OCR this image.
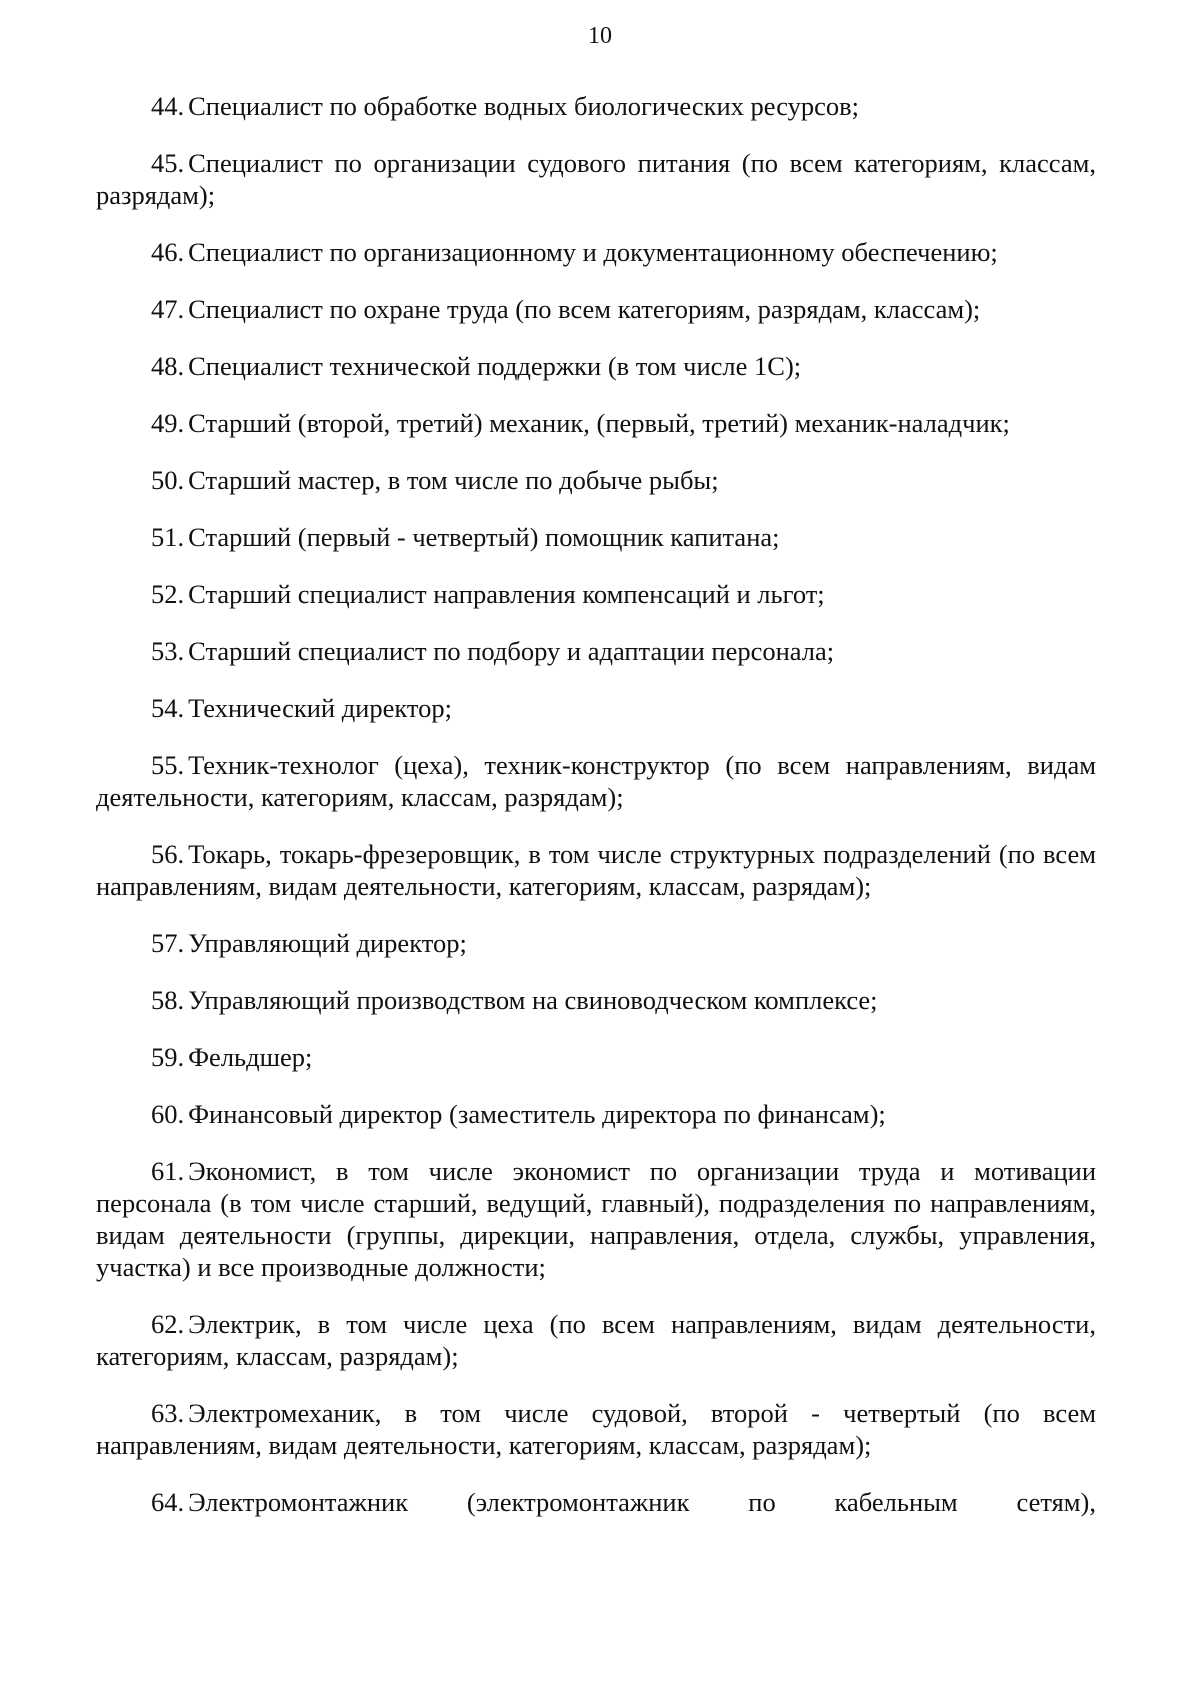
10

44. Специалист по обработке водных биологических ресурсов;

45. Специалист по организации судового питания (по всем категориям, классам, разрядам);

46. Специалист по организационному и документационному обеспечению;

47. Специалист по охране труда (по всем категориям, разрядам, классам);

48. Специалист технической поддержки (в том числе 1С);

49. Старший (второй, третий) механик, (первый, третий) механик-наладчик;

50. Старший мастер, в том числе по добыче рыбы;

51. Старший (первый - четвертый) помощник капитана;

52. Старший специалист направления компенсаций и льгот;

53. Старший специалист по подбору и адаптации персонала;

54. Технический директор;

55. Техник-технолог (цеха), техник-конструктор (по всем направлениям, видам деятельности, категориям, классам, разрядам);

56. Токарь, токарь-фрезеровщик, в том числе структурных подразделений (по всем направлениям, видам деятельности, категориям, классам, разрядам);

57. Управляющий директор;

58. Управляющий производством на свиноводческом комплексе;

59. Фельдшер;

60. Финансовый директор (заместитель директора по финансам);

61. Экономист, в том числе экономист по организации труда и мотивации персонала (в том числе старший, ведущий, главный), подразделения по направлениям, видам деятельности (группы, дирекции, направления, отдела, службы, управления, участка) и все производные должности;

62. Электрик, в том числе цеха (по всем направлениям, видам деятельности, категориям, классам, разрядам);

63. Электромеханик, в том числе судовой, второй - четвертый (по всем направлениям, видам деятельности, категориям, классам, разрядам);

64. Электромонтажник (электромонтажник по кабельным сетям),
